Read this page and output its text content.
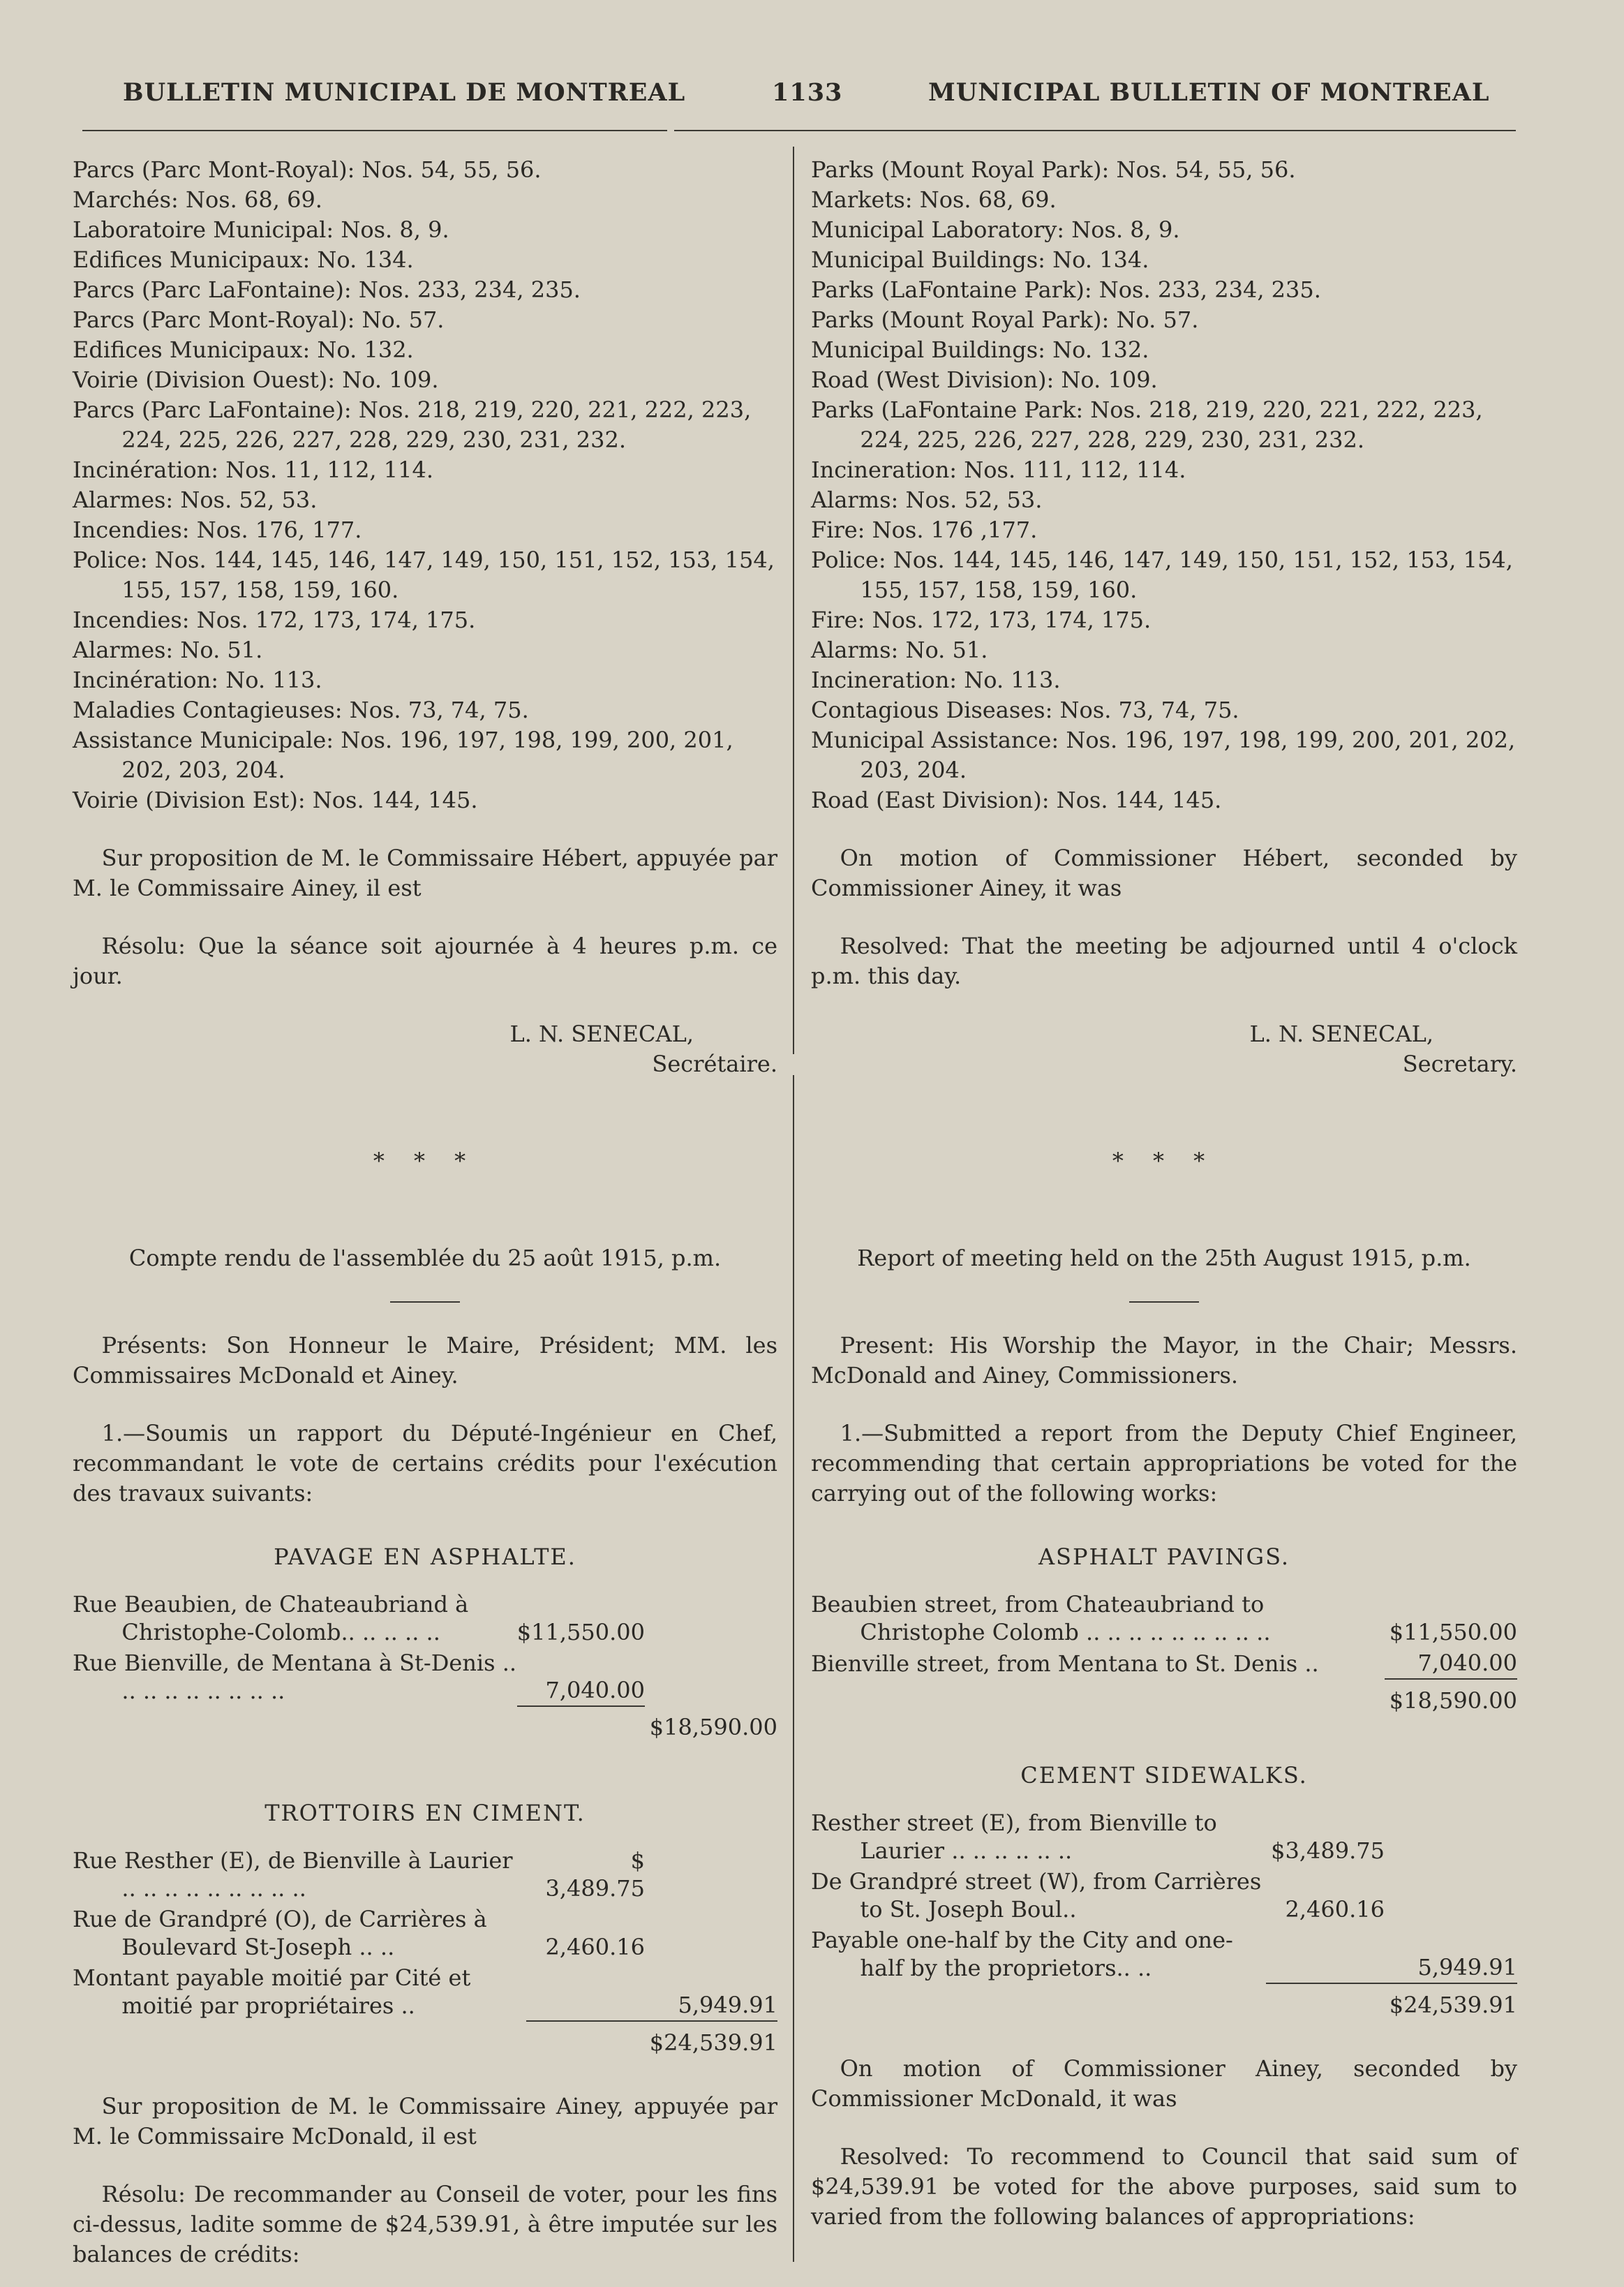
BULLETIN MUNICIPAL DE MONTREAL	1133	MUNICIPAL BULLETIN OF MONTREAL
Parcs (Parc Mont-Royal): Nos. 54, 55, 56.
Marchés: Nos. 68, 69.
Laboratoire Municipal: Nos. 8, 9.
Edifices Municipaux: No. 134.
Parcs (Parc LaFontaine): Nos. 233, 234, 235.
Parcs (Parc Mont-Royal): No. 57.
Edifices Municipaux: No. 132.
Voirie (Division Ouest): No. 109.
Parcs (Parc LaFontaine): Nos. 218, 219, 220, 221, 222, 223, 224, 225, 226, 227, 228, 229, 230, 231, 232.
Incinération: Nos. 11, 112, 114.
Alarmes: Nos. 52, 53.
Incendies: Nos. 176, 177.
Police: Nos. 144, 145, 146, 147, 149, 150, 151, 152, 153, 154, 155, 157, 158, 159, 160.
Incendies: Nos. 172, 173, 174, 175.
Alarmes: No. 51.
Incinération: No. 113.
Maladies Contagieuses: Nos. 73, 74, 75.
Assistance Municipale: Nos. 196, 197, 198, 199, 200, 201, 202, 203, 204.
Voirie (Division Est): Nos. 144, 145.

Sur proposition de M. le Commissaire Hébert, appuyée par M. le Commissaire Ainey, il est

Résolu: Que la séance soit ajournée à 4 heures p.m. ce jour.

L. N. SENECAL,
Secrétaire.
* * *
Compte rendu de l'assemblée du 25 août 1915, p.m.

Présents: Son Honneur le Maire, Président; MM. les Commissaires McDonald et Ainey.

1.—Soumis un rapport du Député-Ingénieur en Chef, recommandant le vote de certains crédits pour l'exécution des travaux suivants:

PAVAGE EN ASPHALTE.
Rue Beaubien, de Chateaubriand à Christophe-Colomb.. .. .. .. ..	$11,550.00	
Rue Bienville, de Mentana à St-Denis .. .. .. .. .. .. .. .. ..	7,040.00	
		$18,590.00
TROTTOIRS EN CIMENT.
Rue Resther (E), de Bienville à Laurier .. .. .. .. .. .. .. .. ..	$ 3,489.75	
Rue de Grandpré (O), de Carrières à Boulevard St-Joseph .. ..	2,460.16	
Montant payable moitié par Cité et moitié par propriétaires ..		5,949.91
		$24,539.91

Sur proposition de M. le Commissaire Ainey, appuyée par M. le Commissaire McDonald, il est

Résolu: De recommander au Conseil de voter, pour les fins ci-dessus, ladite somme de $24,539.91, à être imputée sur les balances de crédits:

Parks (Mount Royal Park): Nos. 54, 55, 56.
Markets: Nos. 68, 69.
Municipal Laboratory: Nos. 8, 9.
Municipal Buildings: No. 134.
Parks (LaFontaine Park): Nos. 233, 234, 235.
Parks (Mount Royal Park): No. 57.
Municipal Buildings: No. 132.
Road (West Division): No. 109.
Parks (LaFontaine Park: Nos. 218, 219, 220, 221, 222, 223, 224, 225, 226, 227, 228, 229, 230, 231, 232.
Incineration: Nos. 111, 112, 114.
Alarms: Nos. 52, 53.
Fire: Nos. 176 ,177.
Police: Nos. 144, 145, 146, 147, 149, 150, 151, 152, 153, 154, 155, 157, 158, 159, 160.
Fire: Nos. 172, 173, 174, 175.
Alarms: No. 51.
Incineration: No. 113.
Contagious Diseases: Nos. 73, 74, 75.
Municipal Assistance: Nos. 196, 197, 198, 199, 200, 201, 202, 203, 204.
Road (East Division): Nos. 144, 145.

On motion of Commissioner Hébert, seconded by Commissioner Ainey, it was

Resolved: That the meeting be adjourned until 4 o'clock p.m. this day.

L. N. SENECAL,
Secretary.
* * *
Report of meeting held on the 25th August 1915, p.m.

Present: His Worship the Mayor, in the Chair; Messrs. McDonald and Ainey, Commissioners.

1.—Submitted a report from the Deputy Chief Engineer, recommending that certain appropriations be voted for the carrying out of the following works:

ASPHALT PAVINGS.
Beaubien street, from Chateaubriand to Christophe Colomb .. .. .. .. .. .. .. .. ..	$11,550.00
Bienville street, from Mentana to St. Denis ..	7,040.00
	$18,590.00
CEMENT SIDEWALKS.
Resther street (E), from Bienville to Laurier .. .. .. .. .. ..	$3,489.75	
De Grandpré street (W), from Carrières to St. Joseph Boul..	2,460.16	
Payable one-half by the City and one-half by the proprietors.. ..		5,949.91
		$24,539.91

On motion of Commissioner Ainey, seconded by Commissioner McDonald, it was

Resolved: To recommend to Council that said sum of $24,539.91 be voted for the above purposes, said sum to varied from the following balances of appropriations:
